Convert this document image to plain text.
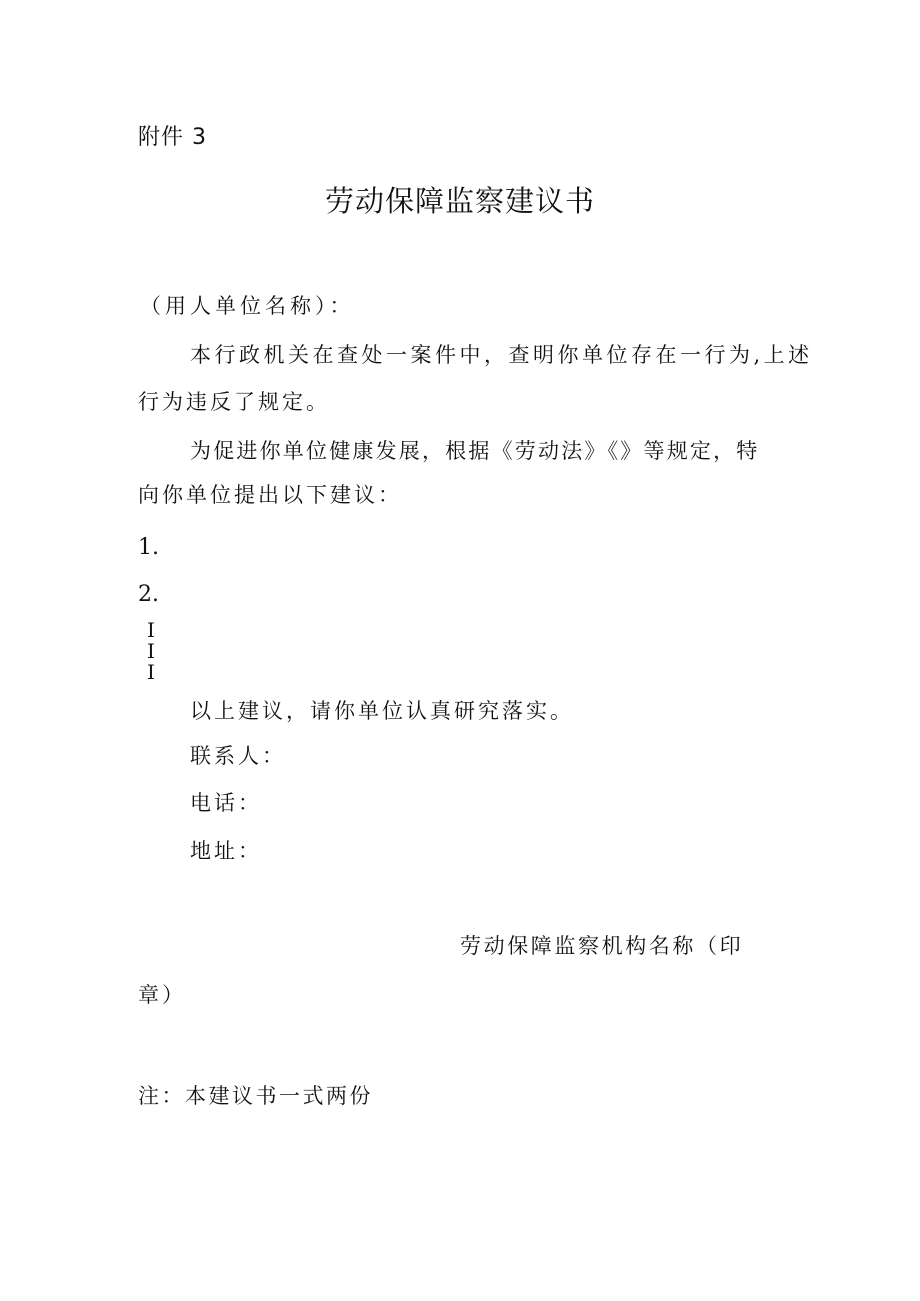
附件 3
劳动保障监察建议书
（用人单位名称）：
本行政机关在查处一案件中，查明你单位存在一行为,上述
行为违反了规定。
为促进你单位健康发展，根据《劳动法》《》等规定，特
向你单位提出以下建议：
1.
2.
I
I
I
以上建议，请你单位认真研究落实。
联系人：
电话：
地址：
劳动保障监察机构名称（印
章）
注：本建议书一式两份
